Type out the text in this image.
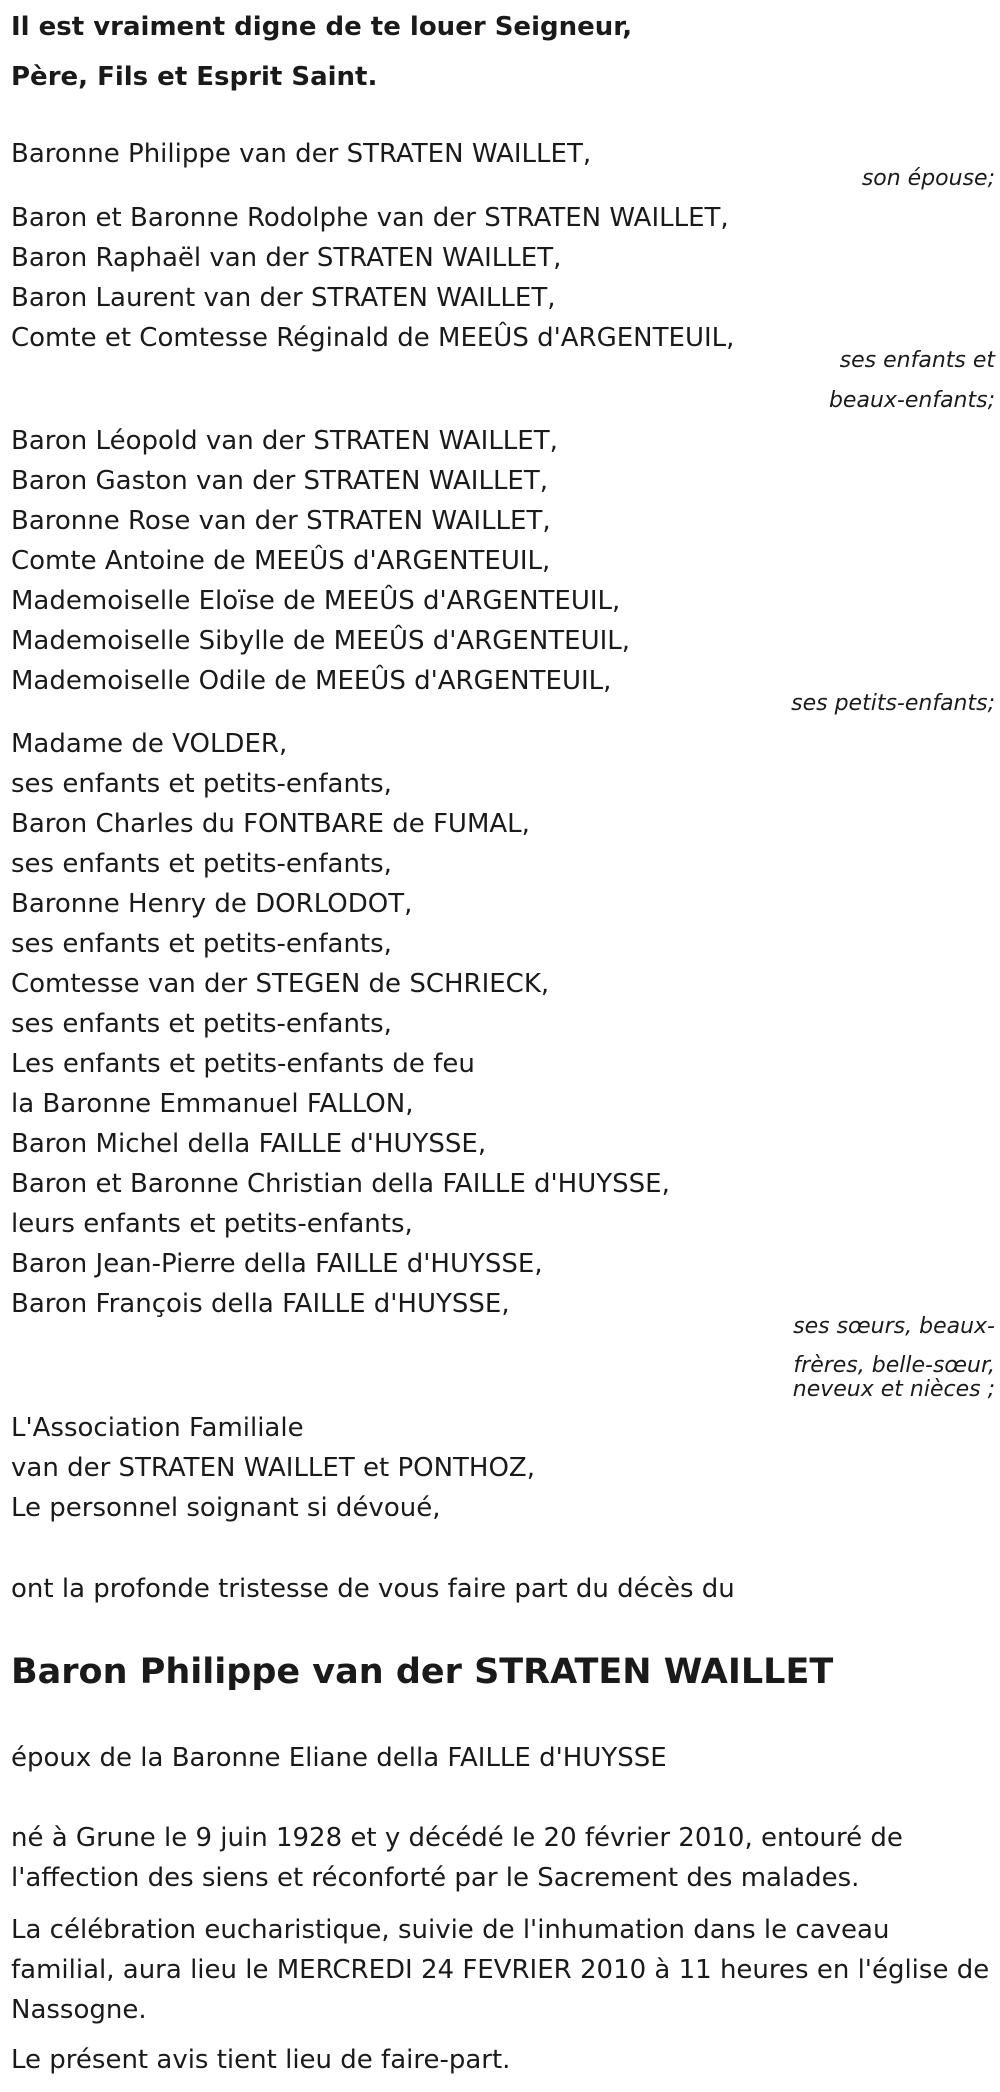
Il est vraiment digne de te louer Seigneur,
Père, Fils et Esprit Saint.
Baronne Philippe van der STRATEN WAILLET,
son épouse;
Baron et Baronne Rodolphe van der STRATEN WAILLET,
Baron Raphaël van der STRATEN WAILLET,
Baron Laurent van der STRATEN WAILLET,
Comte et Comtesse Réginald de MEEÛS d'ARGENTEUIL,
ses enfants et
beaux-enfants;
Baron Léopold van der STRATEN WAILLET,
Baron Gaston van der STRATEN WAILLET,
Baronne Rose van der STRATEN WAILLET,
Comte Antoine de MEEÛS d'ARGENTEUIL,
Mademoiselle Eloïse de MEEÛS d'ARGENTEUIL,
Mademoiselle Sibylle de MEEÛS d'ARGENTEUIL,
Mademoiselle Odile de MEEÛS d'ARGENTEUIL,
ses petits-enfants;
Madame de VOLDER,
ses enfants et petits-enfants,
Baron Charles du FONTBARE de FUMAL,
ses enfants et petits-enfants,
Baronne Henry de DORLODOT,
ses enfants et petits-enfants,
Comtesse van der STEGEN de SCHRIECK,
ses enfants et petits-enfants,
Les enfants et petits-enfants de feu
la Baronne Emmanuel FALLON,
Baron Michel della FAILLE d'HUYSSE,
Baron et Baronne Christian della FAILLE d'HUYSSE,
leurs enfants et petits-enfants,
Baron Jean-Pierre della FAILLE d'HUYSSE,
Baron François della FAILLE d'HUYSSE,
ses sœurs, beaux-
frères, belle-sœur,
neveux et nièces ;
L'Association Familiale
van der STRATEN WAILLET et PONTHOZ,
Le personnel soignant si dévoué,
ont la profonde tristesse de vous faire part du décès du
Baron Philippe van der STRATEN WAILLET
époux de la Baronne Eliane della FAILLE d'HUYSSE
né à Grune le 9 juin 1928 et y décédé le 20 février 2010, entouré de l'affection des siens et réconforté par le Sacrement des malades.
La célébration eucharistique, suivie de l'inhumation dans le caveau familial, aura lieu le MERCREDI 24 FEVRIER 2010 à 11 heures en l'église de Nassogne.
Le présent avis tient lieu de faire-part.
